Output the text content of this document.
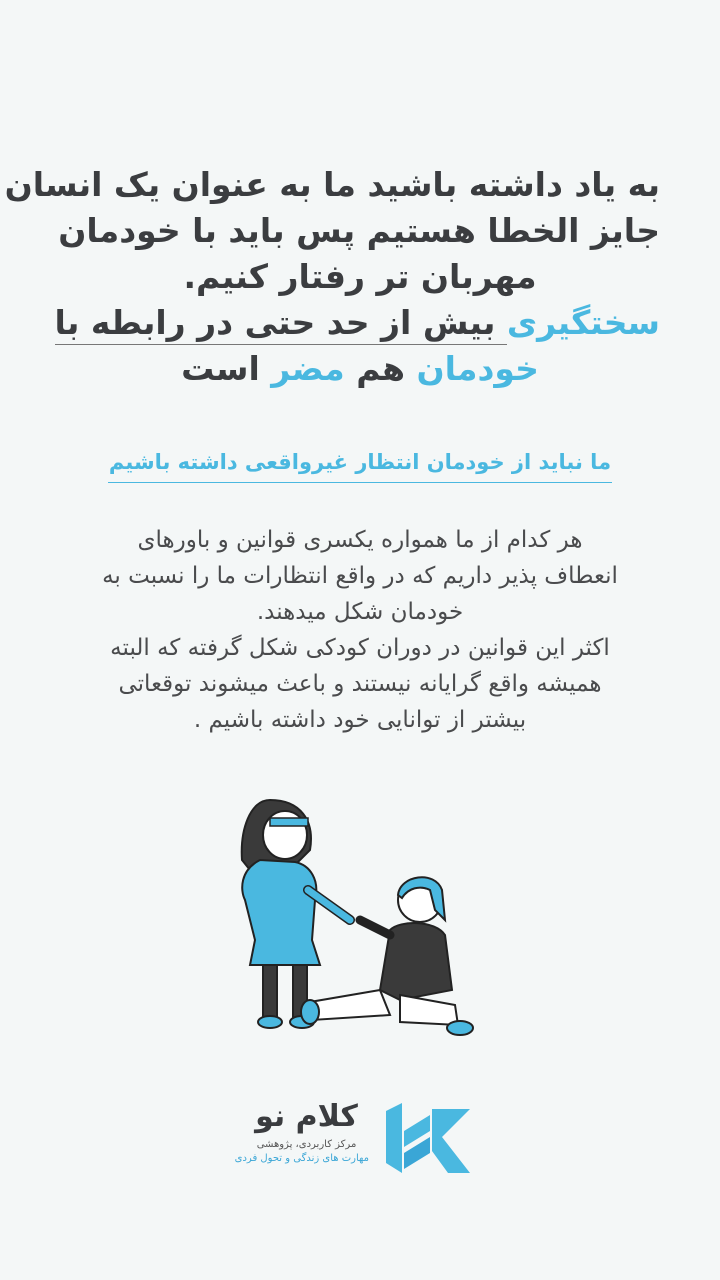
به یاد داشته باشید ما به عنوان یک انسان
جایز الخطا هستیم پس باید با خودمان
مهربان تر رفتار کنیم.
سختگیری بیش از حد حتی در رابطه با
خودمان هم مضر است
ما نباید از خودمان انتظار غیرواقعی داشته باشیم
هر کدام از ما همواره یکسری قوانین و باورهای
انعطاف پذیر داریم که در واقع انتظارات ما را نسبت به
خودمان شکل میدهند.
اکثر این قوانین در دوران کودکی شکل گرفته که البته
همیشه واقع گرایانه نیستند و باعث میشوند توقعاتی
بیشتر از توانایی خود داشته باشیم .
کلام نو
مرکز کاربردی، پژوهشی
مهارت های زندگی و تحول فردی
